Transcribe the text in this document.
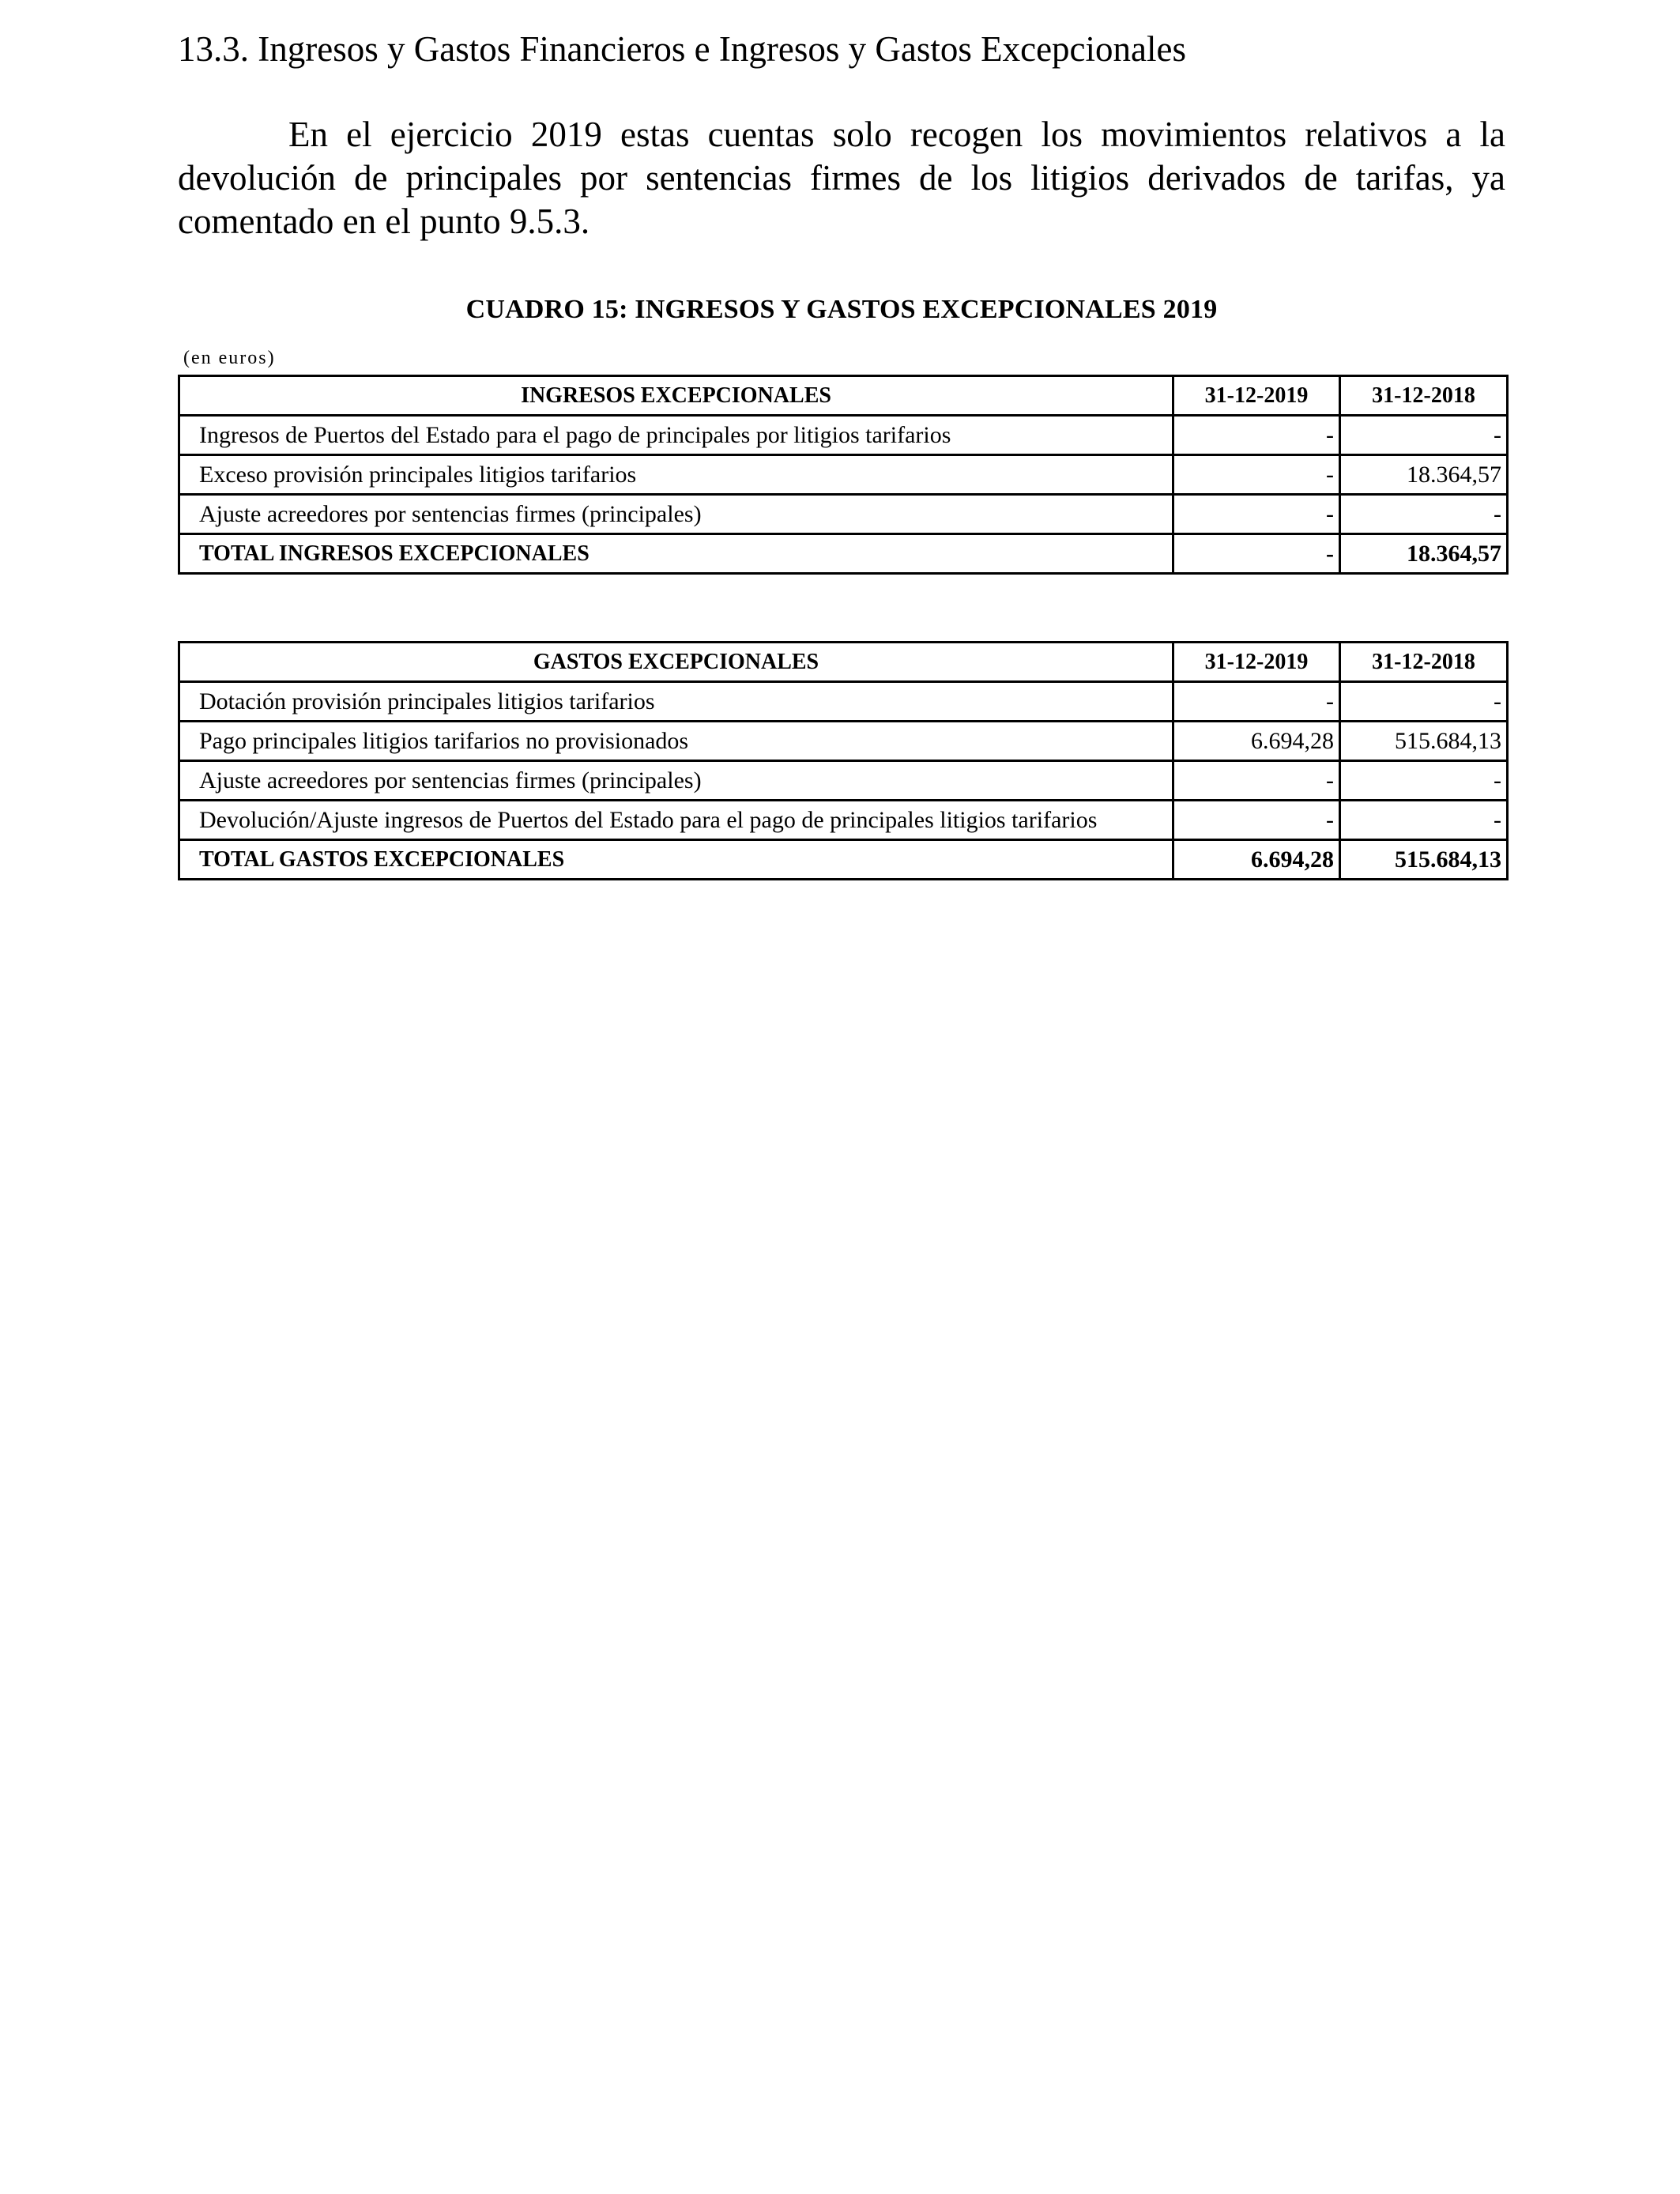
13.3. Ingresos y Gastos Financieros e Ingresos y Gastos Excepcionales

En el ejercicio 2019 estas cuentas solo recogen los movimientos relativos a la devolución de principales por sentencias firmes de los litigios derivados de tarifas, ya comentado en el punto 9.5.3.

CUADRO 15: INGRESOS Y GASTOS EXCEPCIONALES 2019
(en euros)
INGRESOS EXCEPCIONALES	31-12-2019	31-12-2018
Ingresos de Puertos del Estado para el pago de principales por litigios tarifarios	-	-
Exceso provisión principales litigios tarifarios	-	18.364,57
Ajuste acreedores por sentencias firmes (principales)	-	-
TOTAL INGRESOS EXCEPCIONALES	-	18.364,57
GASTOS EXCEPCIONALES	31-12-2019	31-12-2018
Dotación provisión principales litigios tarifarios	-	-
Pago principales litigios tarifarios no provisionados	6.694,28	515.684,13
Ajuste acreedores por sentencias firmes (principales)	-	-
Devolución/Ajuste ingresos de Puertos del Estado para el pago de principales litigios tarifarios	-	-
TOTAL GASTOS EXCEPCIONALES	6.694,28	515.684,13
